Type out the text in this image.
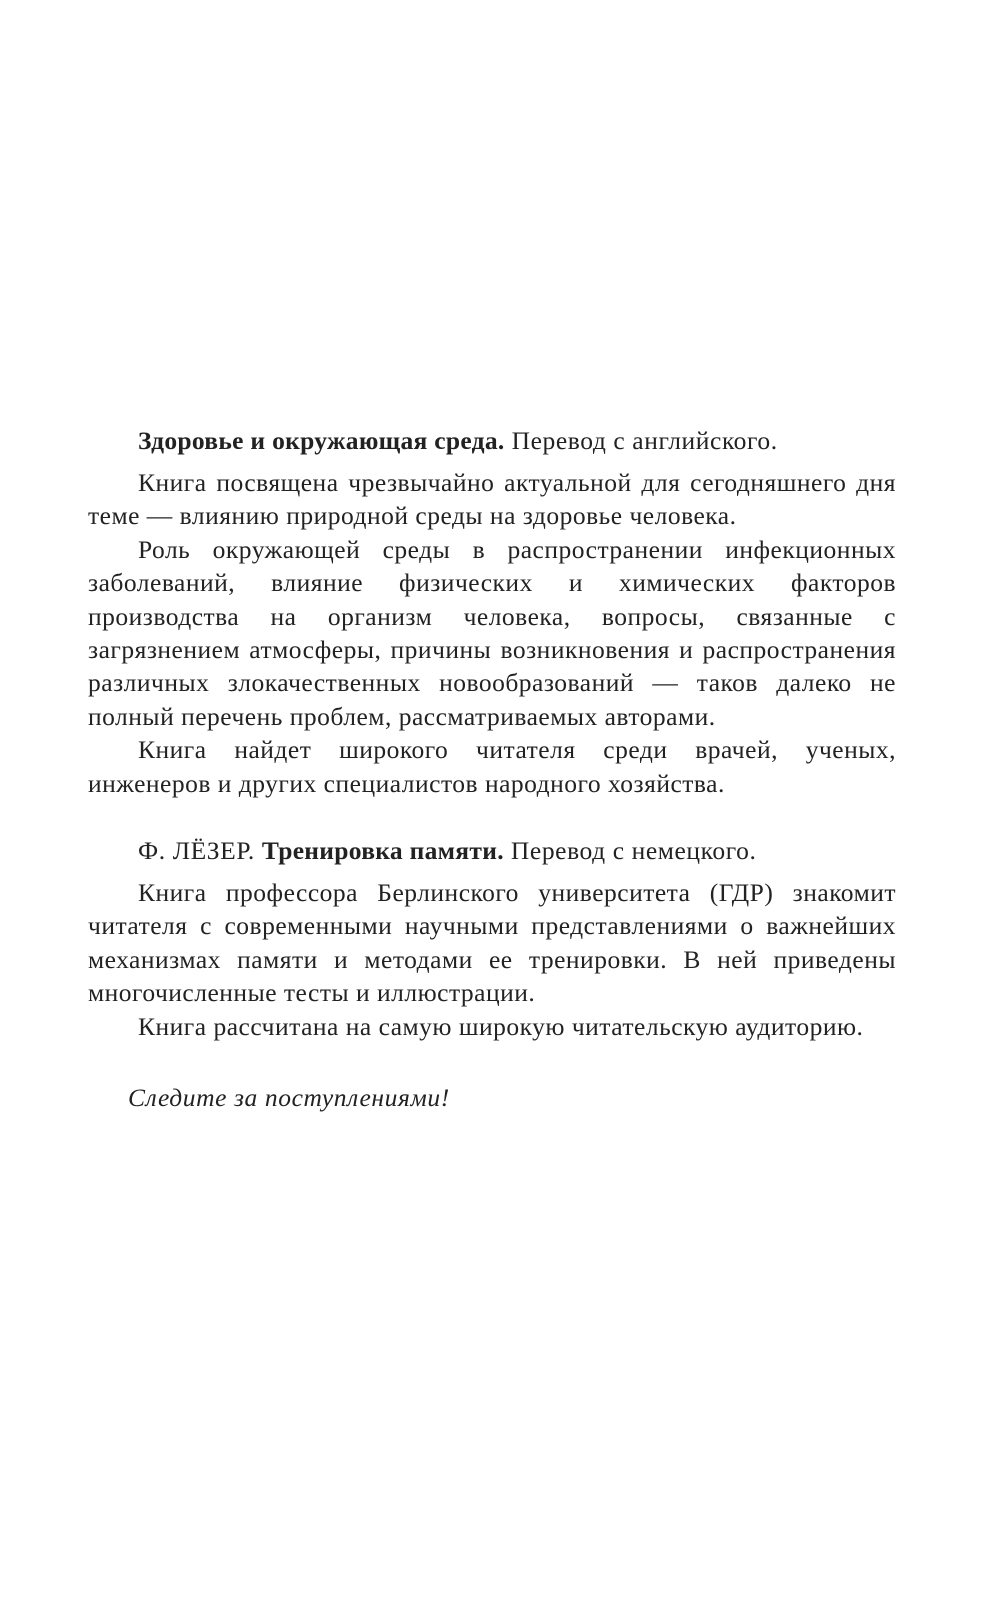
Здоровье и окружающая среда. Перевод с английского.

Книга посвящена чрезвычайно актуальной для сегодняшнего дня теме — влиянию природной среды на здоровье человека.

Роль окружающей среды в распространении инфекционных заболеваний, влияние физических и химических факторов производства на организм человека, вопросы, связанные с загрязнением атмосферы, причины возникновения и распространения различных злокачественных новообразований — таков далеко не полный перечень проблем, рассматриваемых авторами.

Книга найдет широкого читателя среди врачей, ученых, инженеров и других специалистов народного хозяйства.

Ф. ЛЁЗЕР. Тренировка памяти. Перевод с немецкого.

Книга профессора Берлинского университета (ГДР) знакомит читателя с современными научными представлениями о важнейших механизмах памяти и методами ее тренировки. В ней приведены многочисленные тесты и иллюстрации.

Книга рассчитана на самую широкую читательскую аудиторию.

Следите за поступлениями!
